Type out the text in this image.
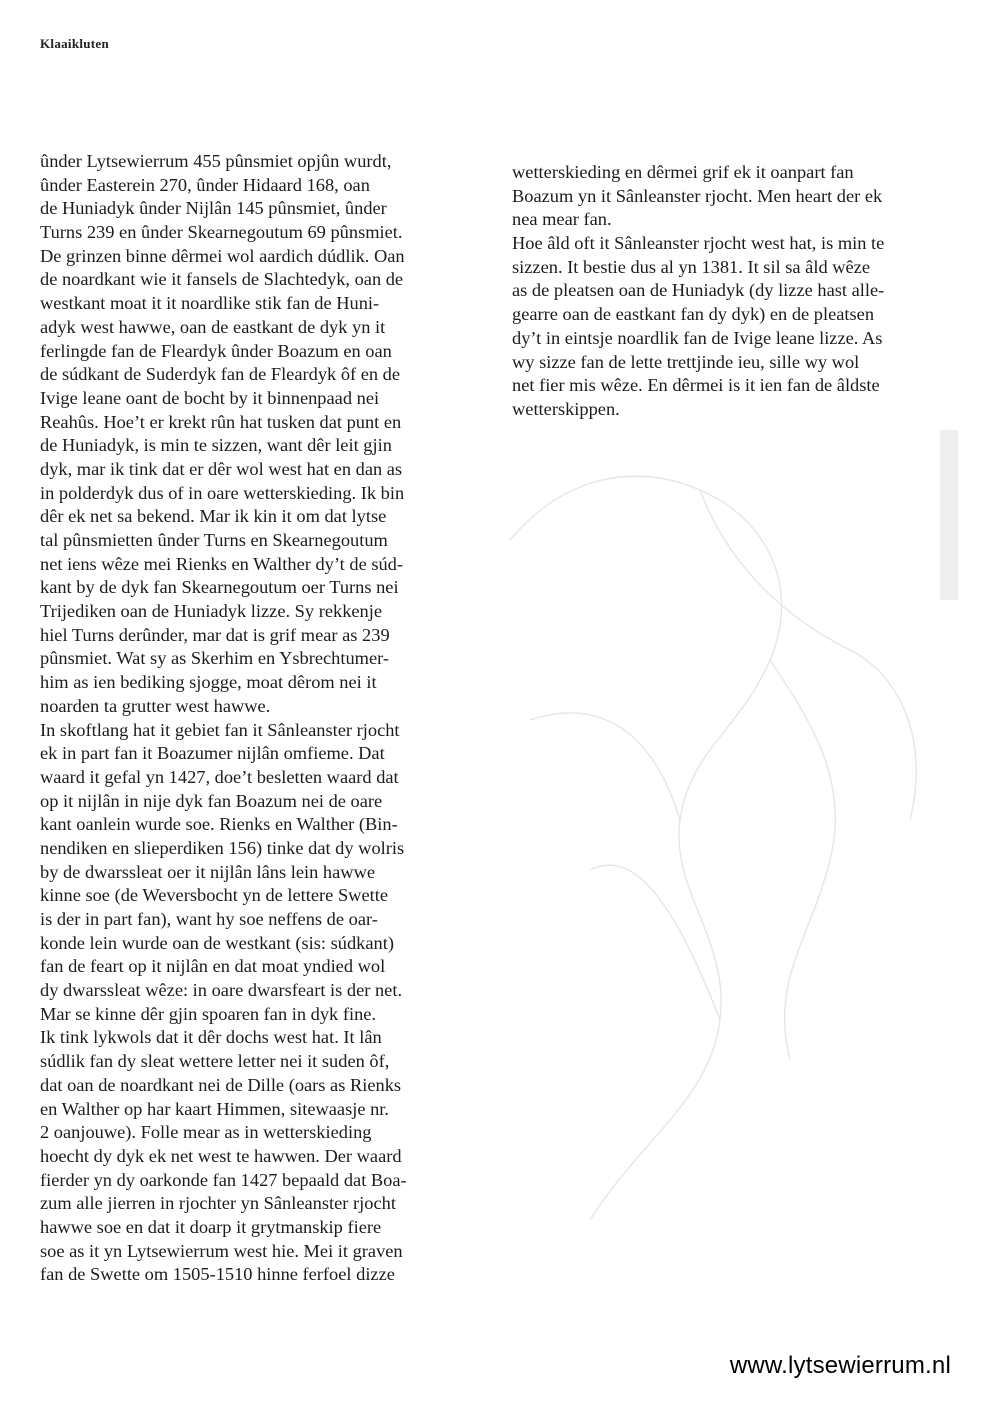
Klaaikluten
ûnder Lytsewierrum 455 pûnsmiet opjûn wurdt,
ûnder Easterein 270, ûnder Hidaard 168, oan
de Huniadyk ûnder Nijlân 145 pûnsmiet, ûnder
Turns 239 en ûnder Skearnegoutum 69 pûnsmiet.
De grinzen binne dêrmei wol aardich dúdlik. Oan
de noardkant wie it fansels de Slachtedyk, oan de
westkant moat it it noardlike stik fan de Huni-
adyk west hawwe, oan de eastkant de dyk yn it
ferlingde fan de Fleardyk ûnder Boazum en oan
de súdkant de Suderdyk fan de Fleardyk ôf en de
Ivige leane oant de bocht by it binnenpaad nei
Reahûs. Hoe’t er krekt rûn hat tusken dat punt en
de Huniadyk, is min te sizzen, want dêr leit gjin
dyk, mar ik tink dat er dêr wol west hat en dan as
in polderdyk dus of in oare wetterskieding. Ik bin
dêr ek net sa bekend. Mar ik kin it om dat lytse
tal pûnsmietten ûnder Turns en Skearnegoutum
net iens wêze mei Rienks en Walther dy’t de súd-
kant by de dyk fan Skearnegoutum oer Turns nei
Trijediken oan de Huniadyk lizze. Sy rekkenje
hiel Turns derûnder, mar dat is grif mear as 239
pûnsmiet. Wat sy as Skerhim en Ysbrechtumer-
him as ien bediking sjogge, moat dêrom nei it
noarden ta grutter west hawwe.
In skoftlang hat it gebiet fan it Sânleanster rjocht
ek in part fan it Boazumer nijlân omfieme. Dat
waard it gefal yn 1427, doe’t besletten waard dat
op it nijlân in nije dyk fan Boazum nei de oare
kant oanlein wurde soe. Rienks en Walther (Bin-
nendiken en slieperdiken 156) tinke dat dy wolris
by de dwarssleat oer it nijlân lâns lein hawwe
kinne soe (de Weversbocht yn de lettere Swette
is der in part fan), want hy soe neffens de oar-
konde lein wurde oan de westkant (sis: súdkant)
fan de feart op it nijlân en dat moat yndied wol
dy dwarssleat wêze: in oare dwarsfeart is der net.
Mar se kinne dêr gjin spoaren fan in dyk fine.
Ik tink lykwols dat it dêr dochs west hat. It lân
súdlik fan dy sleat wettere letter nei it suden ôf,
dat oan de noardkant nei de Dille (oars as Rienks
en Walther op har kaart Himmen, sitewaasje nr.
2 oanjouwe). Folle mear as in wetterskieding
hoecht dy dyk ek net west te hawwen. Der waard
fierder yn dy oarkonde fan 1427 bepaald dat Boa-
zum alle jierren in rjochter yn Sânleanster rjocht
hawwe soe en dat it doarp it grytmanskip fiere
soe as it yn Lytsewierrum west hie. Mei it graven
fan de Swette om 1505-1510 hinne ferfoel dizze
wetterskieding en dêrmei grif ek it oanpart fan
Boazum yn it Sânleanster rjocht. Men heart der ek
nea mear fan.
Hoe âld oft it Sânleanster rjocht west hat, is min te
sizzen. It bestie dus al yn 1381. It sil sa âld wêze
as de pleatsen oan de Huniadyk (dy lizze hast alle-
gearre oan de eastkant fan dy dyk) en de pleatsen
dy’t in eintsje noardlik fan de Ivige leane lizze. As
wy sizze fan de lette trettjinde ieu, sille wy wol
net fier mis wêze. En dêrmei is it ien fan de âldste
wetterskippen.
www.lytsewierrum.nl
